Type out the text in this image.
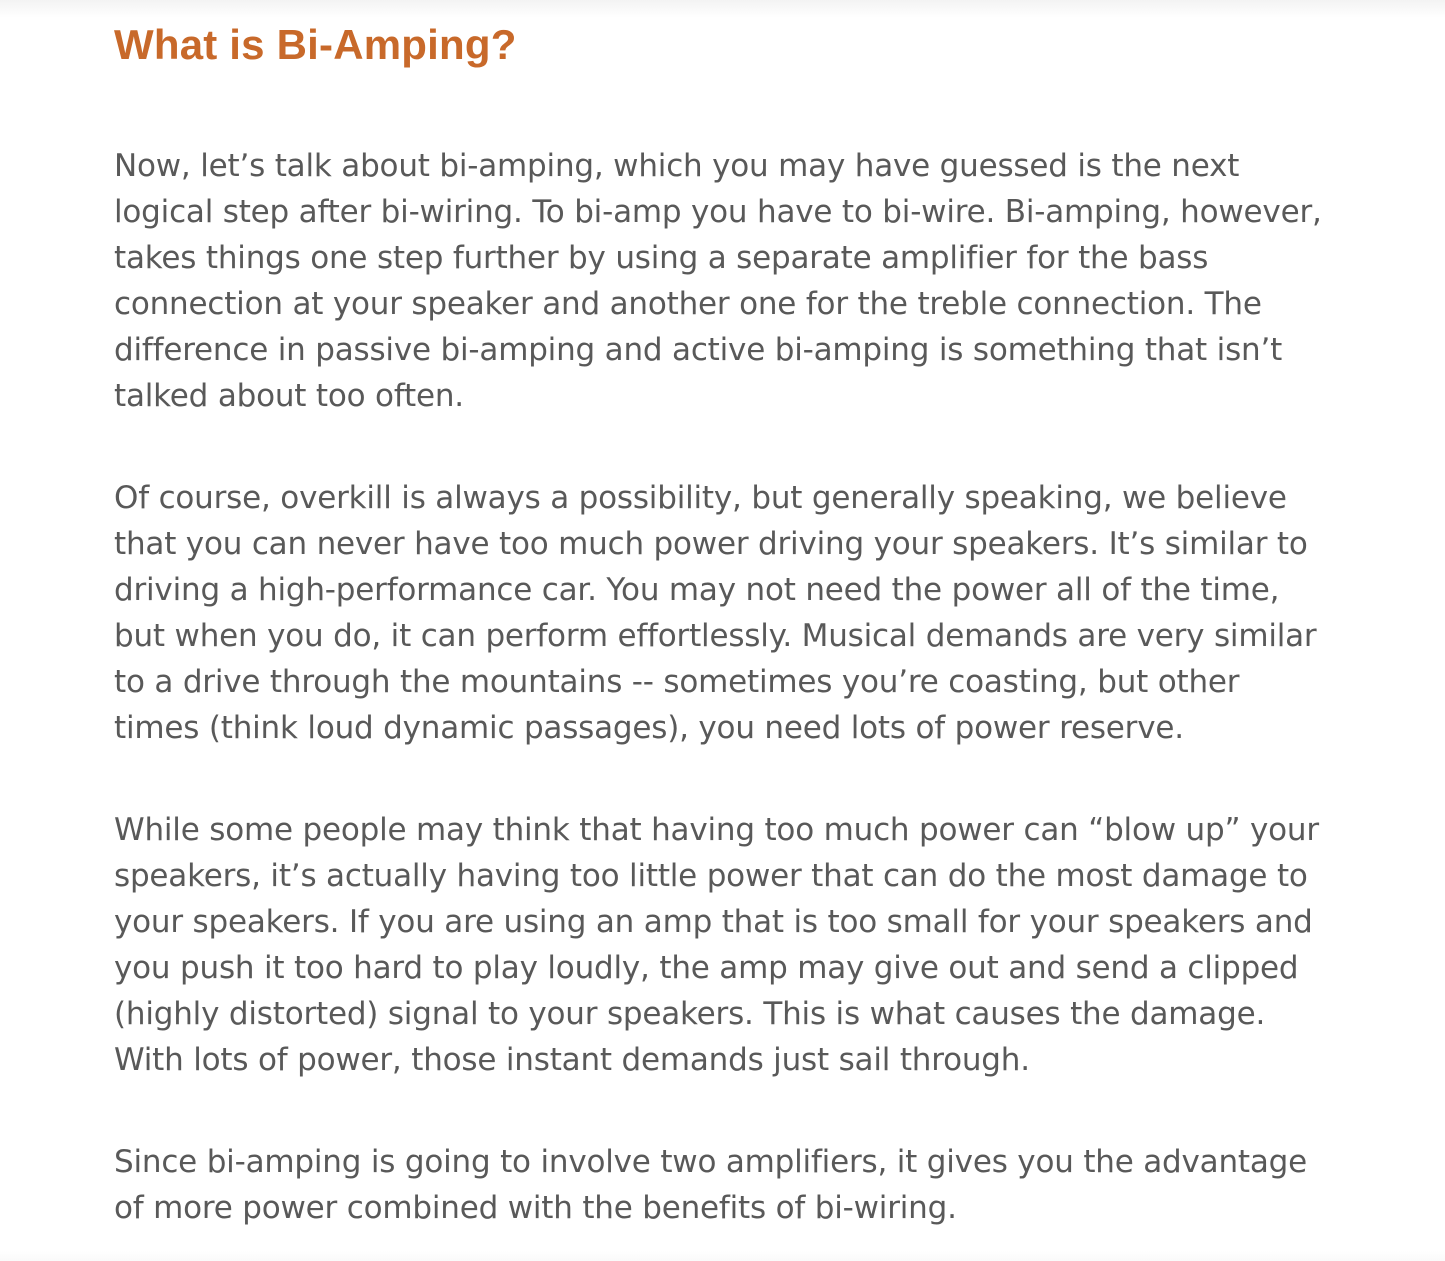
What is Bi-Amping?

Now, let’s talk about bi-amping, which you may have guessed is the next logical step after bi-wiring. To bi-amp you have to bi-wire. Bi-amping, however, takes things one step further by using a separate amplifier for the bass connection at your speaker and another one for the treble connection. The difference in passive bi-amping and active bi-amping is something that isn’t talked about too often.

Of course, overkill is always a possibility, but generally speaking, we believe that you can never have too much power driving your speakers. It’s similar to driving a high-performance car. You may not need the power all of the time, but when you do, it can perform effortlessly. Musical demands are very similar to a drive through the mountains -- sometimes you’re coasting, but other times (think loud dynamic passages), you need lots of power reserve.

While some people may think that having too much power can “blow up” your speakers, it’s actually having too little power that can do the most damage to your speakers. If you are using an amp that is too small for your speakers and you push it too hard to play loudly, the amp may give out and send a clipped (highly distorted) signal to your speakers. This is what causes the damage. With lots of power, those instant demands just sail through.

Since bi-amping is going to involve two amplifiers, it gives you the advantage of more power combined with the benefits of bi-wiring.
